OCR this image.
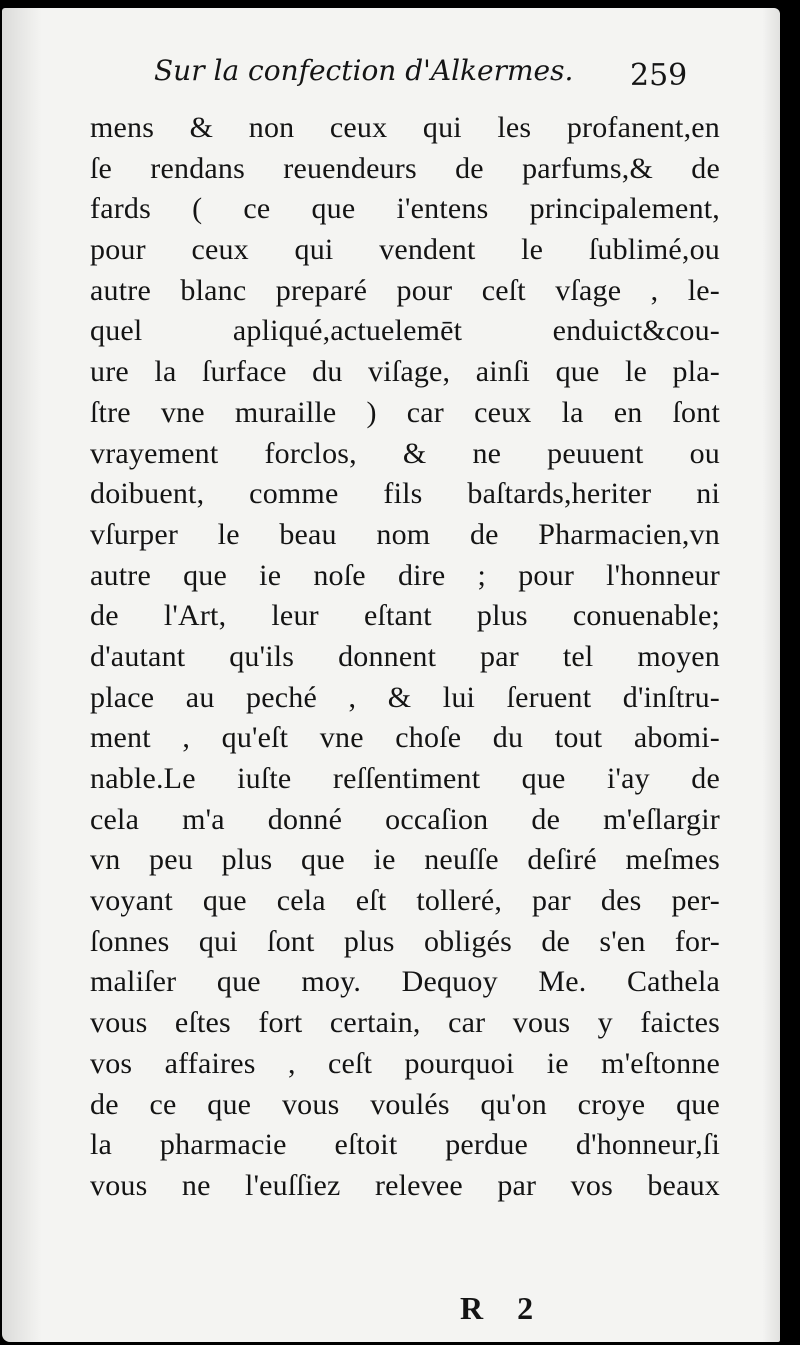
Sur la confection d'Alkermes. 259
mens & non ceux qui les profanent,en
ſe rendans reuendeurs de parfums,& de
fards ( ce que i'entens principalement,
pour ceux qui vendent le ſublimé,ou
autre blanc preparé pour ceſt vſage , le-
quel apliqué,actuelemēt enduict&cou-
ure la ſurface du viſage, ainſi que le pla-
ſtre vne muraille ) car ceux la en ſont
vrayement forclos, & ne peuuent ou
doibuent, comme fils baſtards,heriter ni
vſurper le beau nom de Pharmacien,vn
autre que ie noſe dire ; pour l'honneur
de l'Art, leur eſtant plus conuenable;
d'autant qu'ils donnent par tel moyen
place au peché , & lui ſeruent d'inſtru-
ment , qu'eſt vne choſe du tout abomi-
nable.Le iuſte reſſentiment que i'ay de
cela m'a donné occaſion de m'eſlargir
vn peu plus que ie neuſſe deſiré meſmes
voyant que cela eſt tolleré, par des per-
ſonnes qui ſont plus obligés de s'en for-
maliſer que moy. Dequoy Me. Cathela
vous eſtes fort certain, car vous y faictes
vos affaires , ceſt pourquoi ie m'eſtonne
de ce que vous voulés qu'on croye que
la pharmacie eſtoit perdue d'honneur,ſi
vous ne l'euſſiez relevee par vos beaux
R 2
